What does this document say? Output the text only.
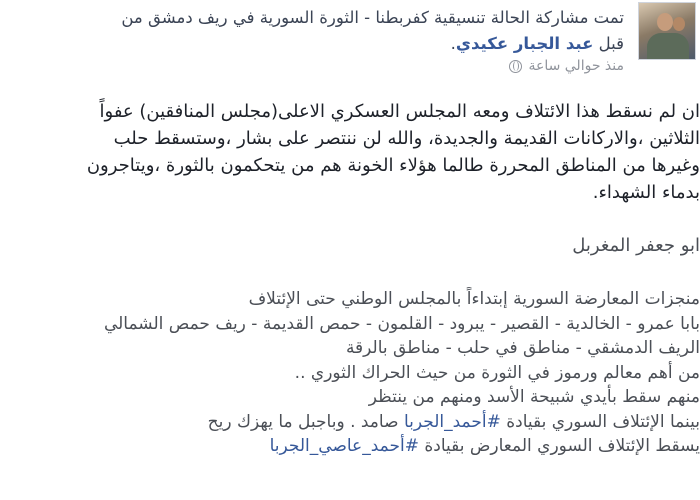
تمت مشاركة الحالة تنسيقية كفربطنا - الثورة السورية في ريف دمشق من
قبل عبد الجبار عكيدي.
منذ حوالي ساعة
ان لم نسقط هذا الائتلاف ومعه المجلس العسكري الاعلى(مجلس المنافقين) عفواً
الثلاثين ،والاركانات القديمة والجديدة، والله لن ننتصر على بشار ،وستسقط حلب
وغيرها من المناطق المحررة طالما هؤلاء الخونة هم من يتحكمون بالثورة ،ويتاجرون
بدماء الشهداء.
ابو جعفر المغربل
منجزات المعارضة السورية إبتداءاً بالمجلس الوطني حتى الإئتلاف
بابا عمرو - الخالدية - القصير - يبرود - القلمون - حمص القديمة - ريف حمص الشمالي
الريف الدمشقي - مناطق في حلب - مناطق بالرقة
من أهم معالم ورموز في الثورة من حيث الحراك الثوري ..
منهم سقط بأيدي شبيحة الأسد ومنهم من ينتظر
بينما الإئتلاف السوري بقيادة #أحمد_الجربا صامد . وباجبل ما يهزك ريح
يسقط الإئتلاف السوري المعارض بقيادة #أحمد_عاصي_الجربا
